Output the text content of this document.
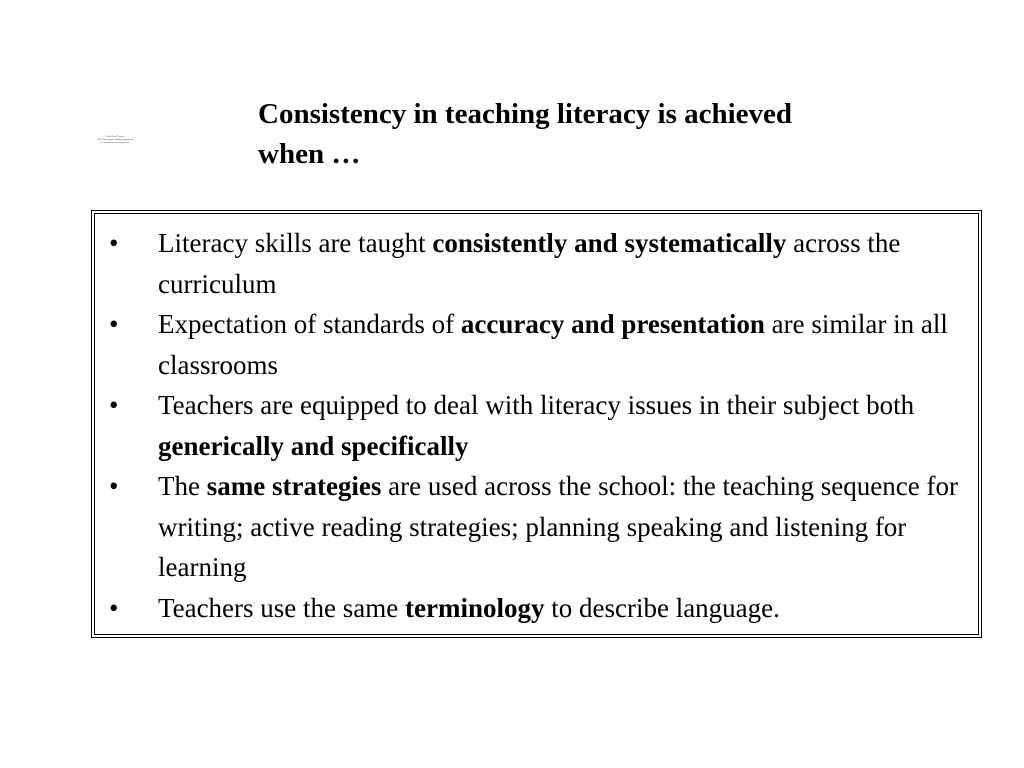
QuickTime™ and a
TIFF (Uncompressed) decompressor
are needed to see this picture.
Consistency in teaching literacy is achieved
when …
• Literacy skills are taught consistently and systematically across the curriculum
• Expectation of standards of accuracy and presentation are similar in all classrooms
• Teachers are equipped to deal with literacy issues in their subject both generically and specifically
• The same strategies are used across the school: the teaching sequence for writing; active reading strategies; planning speaking and listening for learning
• Teachers use the same terminology to describe language.
